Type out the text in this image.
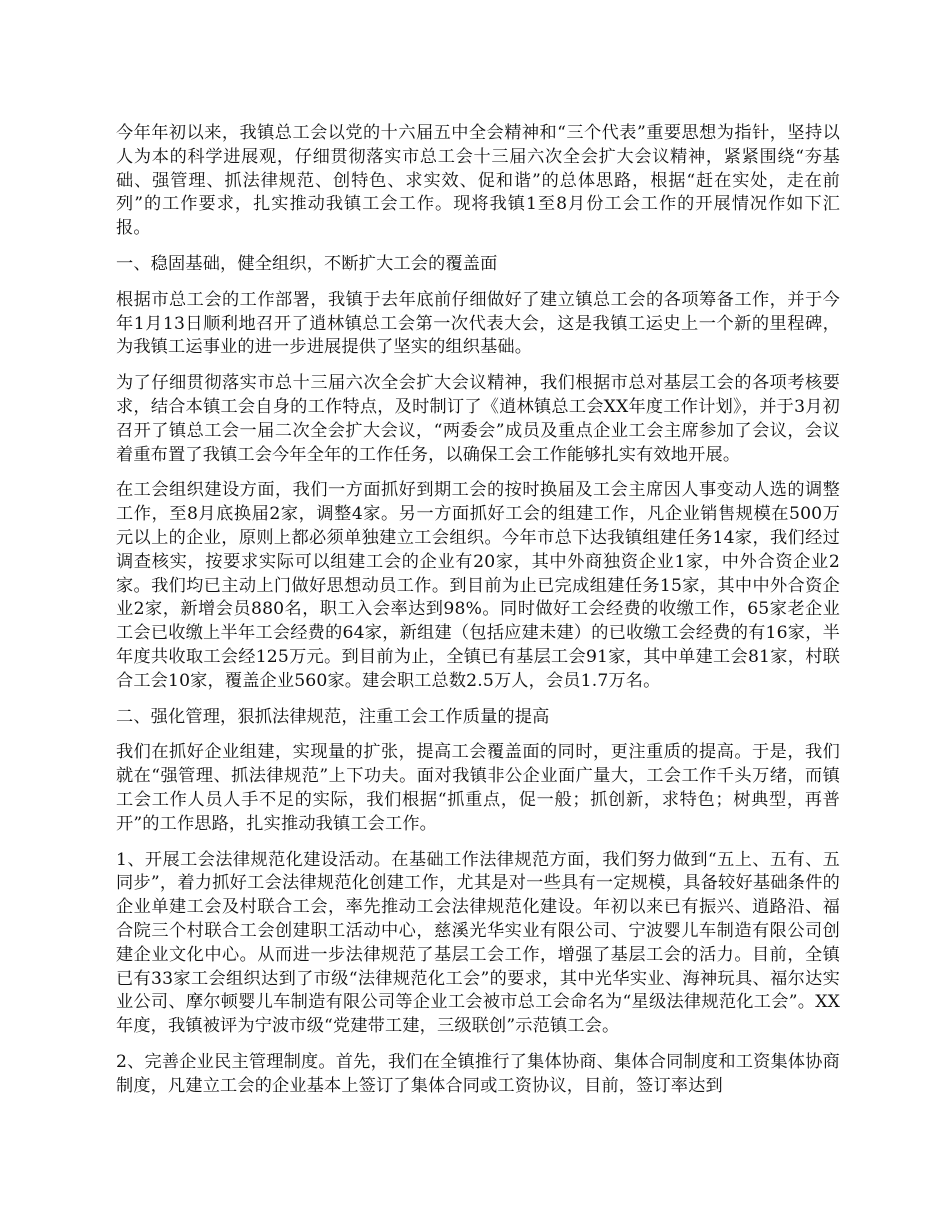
今年年初以来，我镇总工会以党的十六届五中全会精神和“三个代表”重要思想为指针，坚持以人为本的科学进展观，仔细贯彻落实市总工会十三届六次全会扩大会议精神，紧紧围绕“夯基础、强管理、抓法律规范、创特色、求实效、促和谐”的总体思路，根据“赶在实处，走在前列”的工作要求，扎实推动我镇工会工作。现将我镇1至8月份工会工作的开展情况作如下汇报。

一、稳固基础，健全组织，不断扩大工会的覆盖面

根据市总工会的工作部署，我镇于去年底前仔细做好了建立镇总工会的各项筹备工作，并于今年1月13日顺利地召开了逍林镇总工会第一次代表大会，这是我镇工运史上一个新的里程碑，为我镇工运事业的进一步进展提供了坚实的组织基础。

为了仔细贯彻落实市总十三届六次全会扩大会议精神，我们根据市总对基层工会的各项考核要求，结合本镇工会自身的工作特点，及时制订了《逍林镇总工会XX年度工作计划》，并于3月初召开了镇总工会一届二次全会扩大会议，“两委会”成员及重点企业工会主席参加了会议，会议着重布置了我镇工会今年全年的工作任务，以确保工会工作能够扎实有效地开展。

在工会组织建设方面，我们一方面抓好到期工会的按时换届及工会主席因人事变动人选的调整工作，至8月底换届2家，调整4家。另一方面抓好工会的组建工作，凡企业销售规模在500万元以上的企业，原则上都必须单独建立工会组织。今年市总下达我镇组建任务14家，我们经过调查核实，按要求实际可以组建工会的企业有20家，其中外商独资企业1家，中外合资企业2家。我们均已主动上门做好思想动员工作。到目前为止已完成组建任务15家，其中中外合资企业2家，新增会员880名，职工入会率达到98%。同时做好工会经费的收缴工作，65家老企业工会已收缴上半年工会经费的64家，新组建（包括应建未建）的已收缴工会经费的有16家，半年度共收取工会经125万元。到目前为止，全镇已有基层工会91家，其中单建工会81家，村联合工会10家，覆盖企业560家。建会职工总数2.5万人，会员1.7万名。

二、强化管理，狠抓法律规范，注重工会工作质量的提高

我们在抓好企业组建，实现量的扩张，提高工会覆盖面的同时，更注重质的提高。于是，我们就在“强管理、抓法律规范”上下功夫。面对我镇非公企业面广量大，工会工作千头万绪，而镇工会工作人员人手不足的实际，我们根据“抓重点，促一般；抓创新，求特色；树典型，再普开”的工作思路，扎实推动我镇工会工作。

1、开展工会法律规范化建设活动。在基础工作法律规范方面，我们努力做到“五上、五有、五同步”，着力抓好工会法律规范化创建工作，尤其是对一些具有一定规模，具备较好基础条件的企业单建工会及村联合工会，率先推动工会法律规范化建设。年初以来已有振兴、逍路沿、福合院三个村联合工会创建职工活动中心，慈溪光华实业有限公司、宁波婴儿车制造有限公司创建企业文化中心。从而进一步法律规范了基层工会工作，增强了基层工会的活力。目前，全镇已有33家工会组织达到了市级“法律规范化工会”的要求，其中光华实业、海神玩具、福尔达实业公司、摩尔顿婴儿车制造有限公司等企业工会被市总工会命名为“星级法律规范化工会”。XX年度，我镇被评为宁波市级“党建带工建，三级联创”示范镇工会。

2、完善企业民主管理制度。首先，我们在全镇推行了集体协商、集体合同制度和工资集体协商制度，凡建立工会的企业基本上签订了集体合同或工资协议，目前，签订率达到
